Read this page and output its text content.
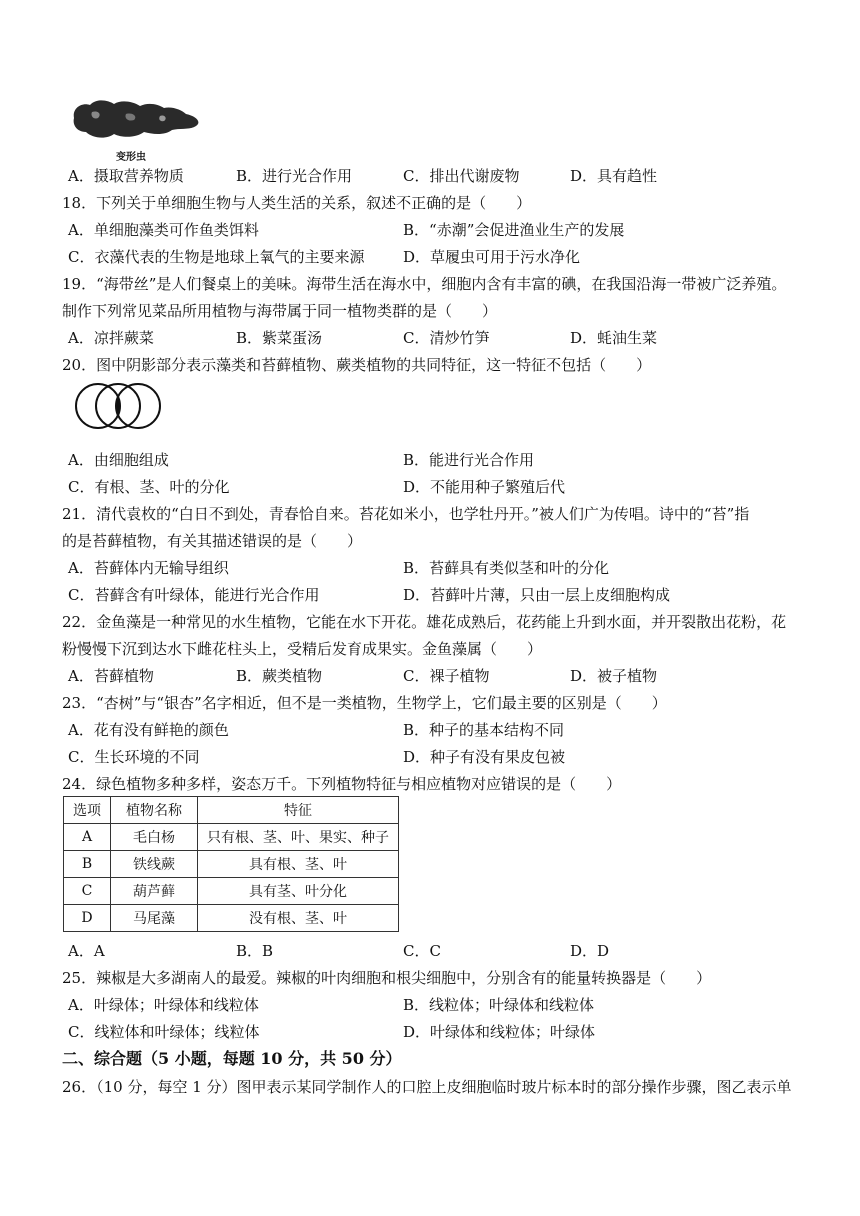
变形虫
A．摄取营养物质	B．进行光合作用	C．排出代谢废物	D．具有趋性
18．下列关于单细胞生物与人类生活的关系，叙述不正确的是（　　）
A．单细胞藻类可作鱼类饵料	B．“赤潮”会促进渔业生产的发展
C．衣藻代表的生物是地球上氧气的主要来源	D．草履虫可用于污水净化
19．“海带丝”是人们餐桌上的美味。海带生活在海水中，细胞内含有丰富的碘，在我国沿海一带被广泛养殖。
制作下列常见菜品所用植物与海带属于同一植物类群的是（　　）
A．凉拌蕨菜	B．紫菜蛋汤	C．清炒竹笋	D．蚝油生菜
20．图中阴影部分表示藻类和苔藓植物、蕨类植物的共同特征，这一特征不包括（　　）
A．由细胞组成	B．能进行光合作用
C．有根、茎、叶的分化	D．不能用种子繁殖后代
21．清代袁枚的“白日不到处，青春恰自来。苔花如米小，也学牡丹开。”被人们广为传唱。诗中的“苔”指
的是苔藓植物，有关其描述错误的是（　　）
A．苔藓体内无输导组织	B．苔藓具有类似茎和叶的分化
C．苔藓含有叶绿体，能进行光合作用	D．苔藓叶片薄，只由一层上皮细胞构成
22．金鱼藻是一种常见的水生植物，它能在水下开花。雄花成熟后，花药能上升到水面，并开裂散出花粉，花
粉慢慢下沉到达水下雌花柱头上，受精后发育成果实。金鱼藻属（　　）
A．苔藓植物	B．蕨类植物	C．裸子植物	D．被子植物
23．“杏树”与“银杏”名字相近，但不是一类植物，生物学上，它们最主要的区别是（　　）
A．花有没有鲜艳的颜色	B．种子的基本结构不同
C．生长环境的不同	D．种子有没有果皮包被
24．绿色植物多种多样，姿态万千。下列植物特征与相应植物对应错误的是（　　）
选项	植物名称	特征
A	毛白杨	只有根、茎、叶、果实、种子
B	铁线蕨	具有根、茎、叶
C	葫芦藓	具有茎、叶分化
D	马尾藻	没有根、茎、叶
A．A	B．B	C．C	D．D
25．辣椒是大多湖南人的最爱。辣椒的叶肉细胞和根尖细胞中，分别含有的能量转换器是（　　）
A．叶绿体；叶绿体和线粒体	B．线粒体；叶绿体和线粒体
C．线粒体和叶绿体；线粒体	D．叶绿体和线粒体；叶绿体
二、综合题（5 小题，每题 10 分，共 50 分）
26．（10 分，每空 1 分）图甲表示某同学制作人的口腔上皮细胞临时玻片标本时的部分操作步骤，图乙表示单
